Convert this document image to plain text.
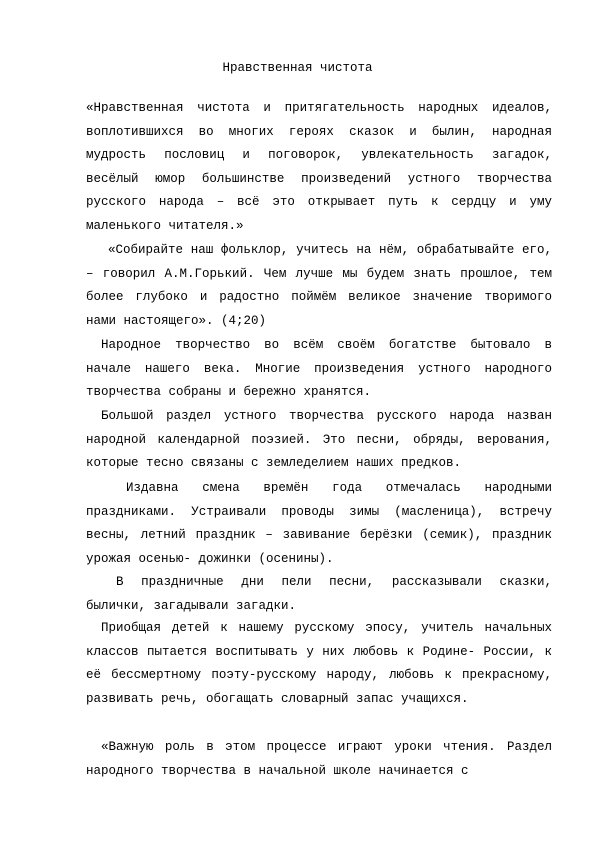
Нравственная чистота

«Нравственная чистота и притягательность народных идеалов, воплотившихся во многих героях сказок и былин, народная мудрость пословиц и поговорок, увлекательность загадок, весёлый юмор большинстве произведений устного творчества русского народа – всё это открывает путь к сердцу и уму маленького читателя.»

«Собирайте наш фольклор, учитесь на нём, обрабатывайте его, – говорил А.М.Горький. Чем лучше мы будем знать прошлое, тем более глубоко и радостно поймём великое значение творимого нами настоящего». (4;20)

Народное творчество во всём своём богатстве бытовало в начале нашего века. Многие произведения устного народного творчества собраны и бережно хранятся.

Большой раздел устного творчества русского народа назван народной календарной поэзией. Это песни, обряды, верования, которые тесно связаны с земледелием наших предков.

Издавна смена времён года отмечалась народными праздниками. Устраивали проводы зимы (масленица), встречу весны, летний праздник – завивание берёзки (семик), праздник урожая осенью- дожинки (осенины).

В праздничные дни пели песни, рассказывали сказки, былички, загадывали загадки.

Приобщая детей к нашему русскому эпосу, учитель начальных классов пытается воспитывать у них любовь к Родине- России, к её бессмертному поэту-русскому народу, любовь к прекрасному, развивать речь, обогащать словарный запас учащихся.

«Важную роль в этом процессе играют уроки чтения. Раздел народного творчества в начальной школе начинается с
